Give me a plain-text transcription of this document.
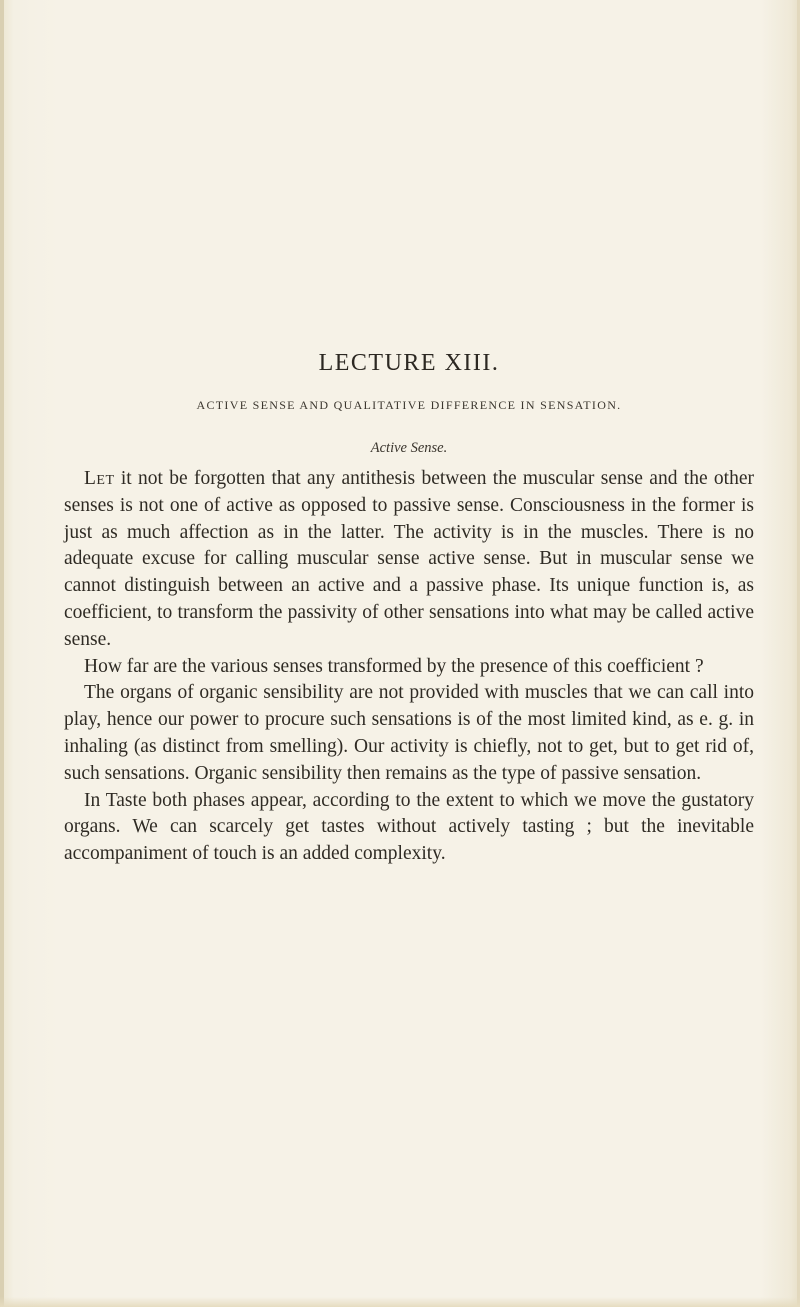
LECTURE XIII.
ACTIVE SENSE AND QUALITATIVE DIFFERENCE IN SENSATION.
Active Sense.

Let it not be forgotten that any antithesis between the muscular sense and the other senses is not one of active as opposed to passive sense. Consciousness in the former is just as much affection as in the latter. The activity is in the muscles. There is no adequate excuse for calling muscular sense active sense. But in muscular sense we cannot distinguish between an active and a passive phase. Its unique function is, as coefficient, to transform the passivity of other sensations into what may be called active sense.

How far are the various senses transformed by the presence of this coefficient ?

The organs of organic sensibility are not provided with muscles that we can call into play, hence our power to procure such sensations is of the most limited kind, as e. g. in inhaling (as distinct from smelling). Our activity is chiefly, not to get, but to get rid of, such sensations. Organic sensibility then remains as the type of passive sensation.

In Taste both phases appear, according to the extent to which we move the gustatory organs. We can scarcely get tastes without actively tasting ; but the inevitable accompaniment of touch is an added complexity.
